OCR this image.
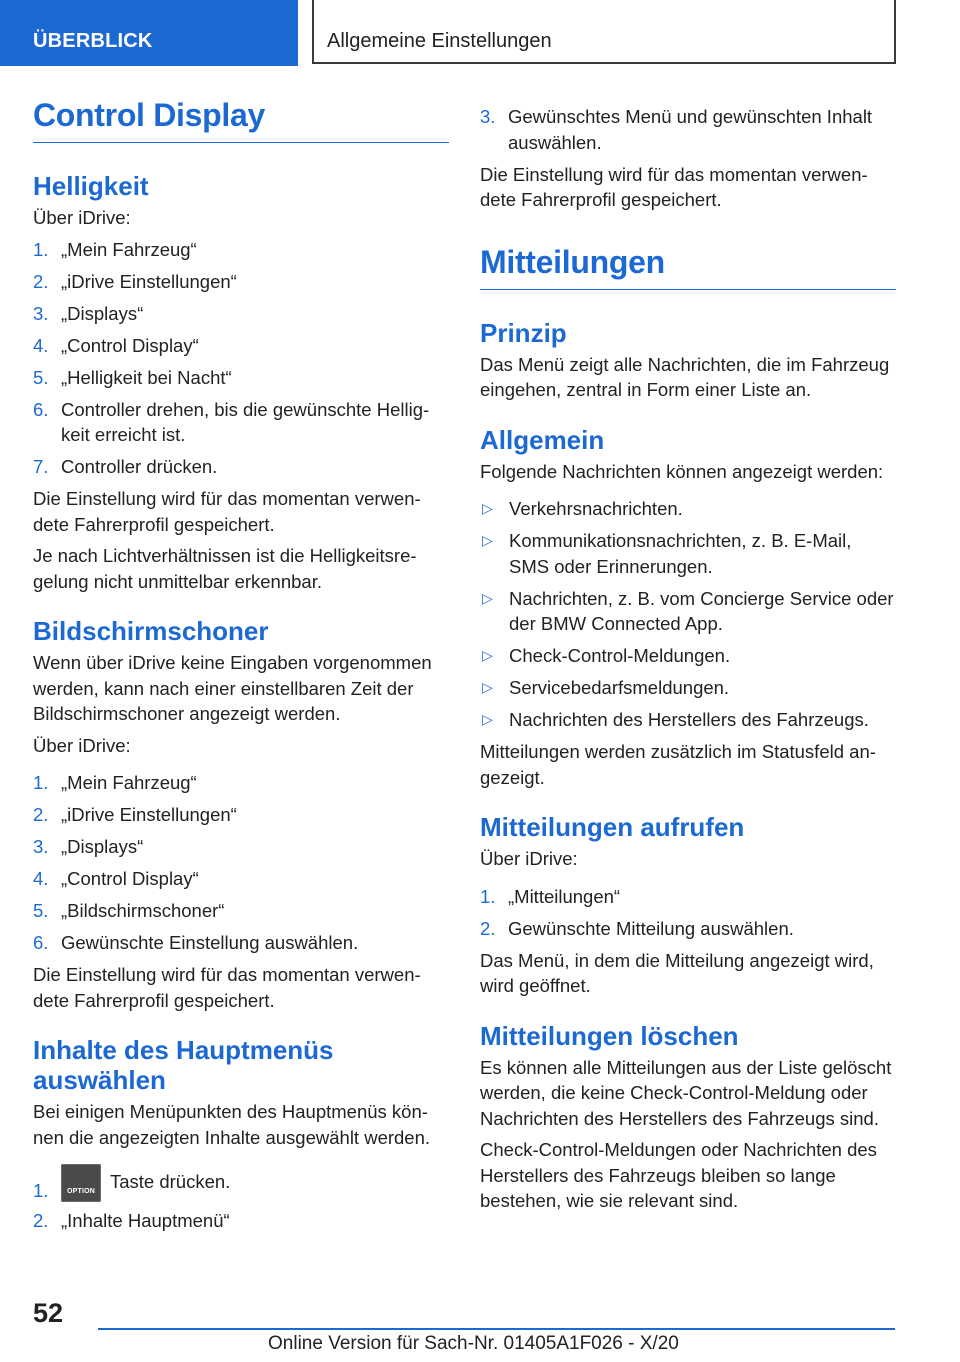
ÜBERBLICK	Allgemeine Einstellungen
Control Display
Helligkeit

Über iDrive:

1. „Mein Fahrzeug“
2. „iDrive Einstellungen“
3. „Displays“
4. „Control Display“
5. „Helligkeit bei Nacht“
6. Controller drehen, bis die gewünschte Helligkeit erreicht ist.
7. Controller drücken.

Die Einstellung wird für das momentan verwendete Fahrerprofil gespeichert.

Je nach Lichtverhältnissen ist die Helligkeitsregelung nicht unmittelbar erkennbar.

Bildschirmschoner

Wenn über iDrive keine Eingaben vorgenommen werden, kann nach einer einstellbaren Zeit der Bildschirmschoner angezeigt werden.

Über iDrive:

1. „Mein Fahrzeug“
2. „iDrive Einstellungen“
3. „Displays“
4. „Control Display“
5. „Bildschirmschoner“
6. Gewünschte Einstellung auswählen.

Die Einstellung wird für das momentan verwendete Fahrerprofil gespeichert.

Inhalte des Hauptmenüs auswählen

Bei einigen Menüpunkten des Hauptmenüs können die angezeigten Inhalte ausgewählt werden.

1.	OPTION Taste drücken.
2. „Inhalte Hauptmenü“
3. Gewünschtes Menü und gewünschten Inhalt auswählen.

Die Einstellung wird für das momentan verwendete Fahrerprofil gespeichert.

Mitteilungen
Prinzip

Das Menü zeigt alle Nachrichten, die im Fahrzeug eingehen, zentral in Form einer Liste an.

Allgemein

Folgende Nachrichten können angezeigt werden:

▷ Verkehrsnachrichten.
▷ Kommunikationsnachrichten, z. B. E-Mail, SMS oder Erinnerungen.
▷ Nachrichten, z. B. vom Concierge Service oder der BMW Connected App.
▷ Check-Control-Meldungen.
▷ Servicebedarfsmeldungen.
▷ Nachrichten des Herstellers des Fahrzeugs.

Mitteilungen werden zusätzlich im Statusfeld angezeigt.

Mitteilungen aufrufen

Über iDrive:

1. „Mitteilungen“
2. Gewünschte Mitteilung auswählen.

Das Menü, in dem die Mitteilung angezeigt wird, wird geöffnet.

Mitteilungen löschen

Es können alle Mitteilungen aus der Liste gelöscht werden, die keine Check-Control-Meldung oder Nachrichten des Herstellers des Fahrzeugs sind.

Check-Control-Meldungen oder Nachrichten des Herstellers des Fahrzeugs bleiben so lange bestehen, wie sie relevant sind.

52
Online Version für Sach-Nr. 01405A1F026 - X/20
